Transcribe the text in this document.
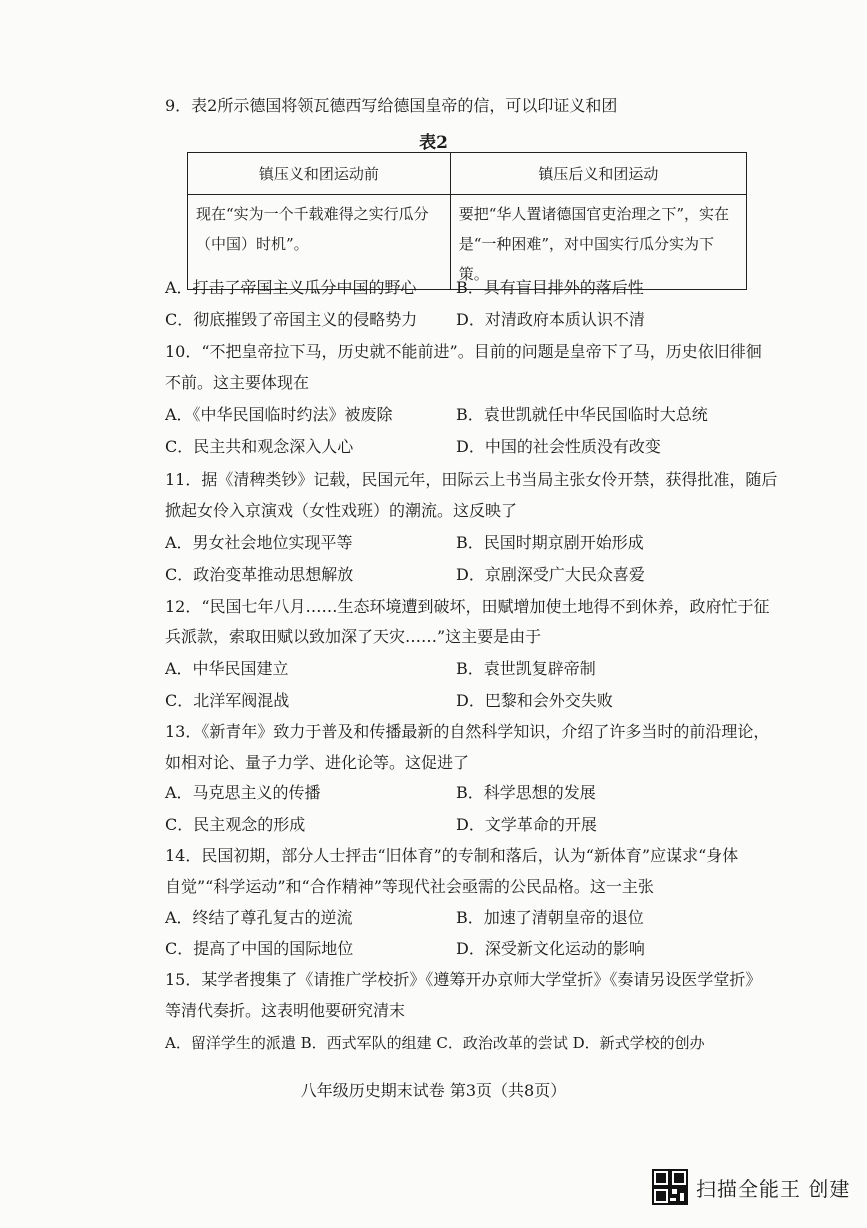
9．表2所示德国将领瓦德西写给德国皇帝的信，可以印证义和团
表2
镇压义和团运动前	镇压后义和团运动
现在“实为一个千载难得之实行瓜分（中国）时机”。	要把“华人置诸德国官吏治理之下”，实在是“一种困难”，对中国实行瓜分实为下策。
A．打击了帝国主义瓜分中国的野心 B．具有盲目排外的落后性
C．彻底摧毁了帝国主义的侵略势力 D．对清政府本质认识不清
10．“不把皇帝拉下马，历史就不能前进”。目前的问题是皇帝下了马，历史依旧徘徊
不前。这主要体现在
A．《中华民国临时约法》被废除	B．袁世凯就任中华民国临时大总统
C．民主共和观念深入人心	D．中国的社会性质没有改变
11．据《清稗类钞》记载，民国元年，田际云上书当局主张女伶开禁，获得批准，随后
掀起女伶入京演戏（女性戏班）的潮流。这反映了
A．男女社会地位实现平等	B．民国时期京剧开始形成
C．政治变革推动思想解放	D．京剧深受广大民众喜爱
12．“民国七年八月……生态环境遭到破坏，田赋增加使土地得不到休养，政府忙于征
兵派款，索取田赋以致加深了天灾……”这主要是由于
A．中华民国建立	B．袁世凯复辟帝制
C．北洋军阀混战	D．巴黎和会外交失败
13．《新青年》致力于普及和传播最新的自然科学知识，介绍了许多当时的前沿理论，
如相对论、量子力学、进化论等。这促进了
A．马克思主义的传播	B．科学思想的发展
C．民主观念的形成	D．文学革命的开展
14．民国初期，部分人士抨击“旧体育”的专制和落后，认为“新体育”应谋求“身体
自觉”“科学运动”和“合作精神”等现代社会亟需的公民品格。这一主张
A．终结了尊孔复古的逆流	B．加速了清朝皇帝的退位
C．提高了中国的国际地位	D．深受新文化运动的影响
15．某学者搜集了《请推广学校折》《遵筹开办京师大学堂折》《奏请另设医学堂折》
等清代奏折。这表明他要研究清末
A．留洋学生的派遣 B．西式军队的组建 C．政治改革的尝试 D．新式学校的创办
八年级历史期末试卷 第3页（共8页）
扫描全能王 创建
